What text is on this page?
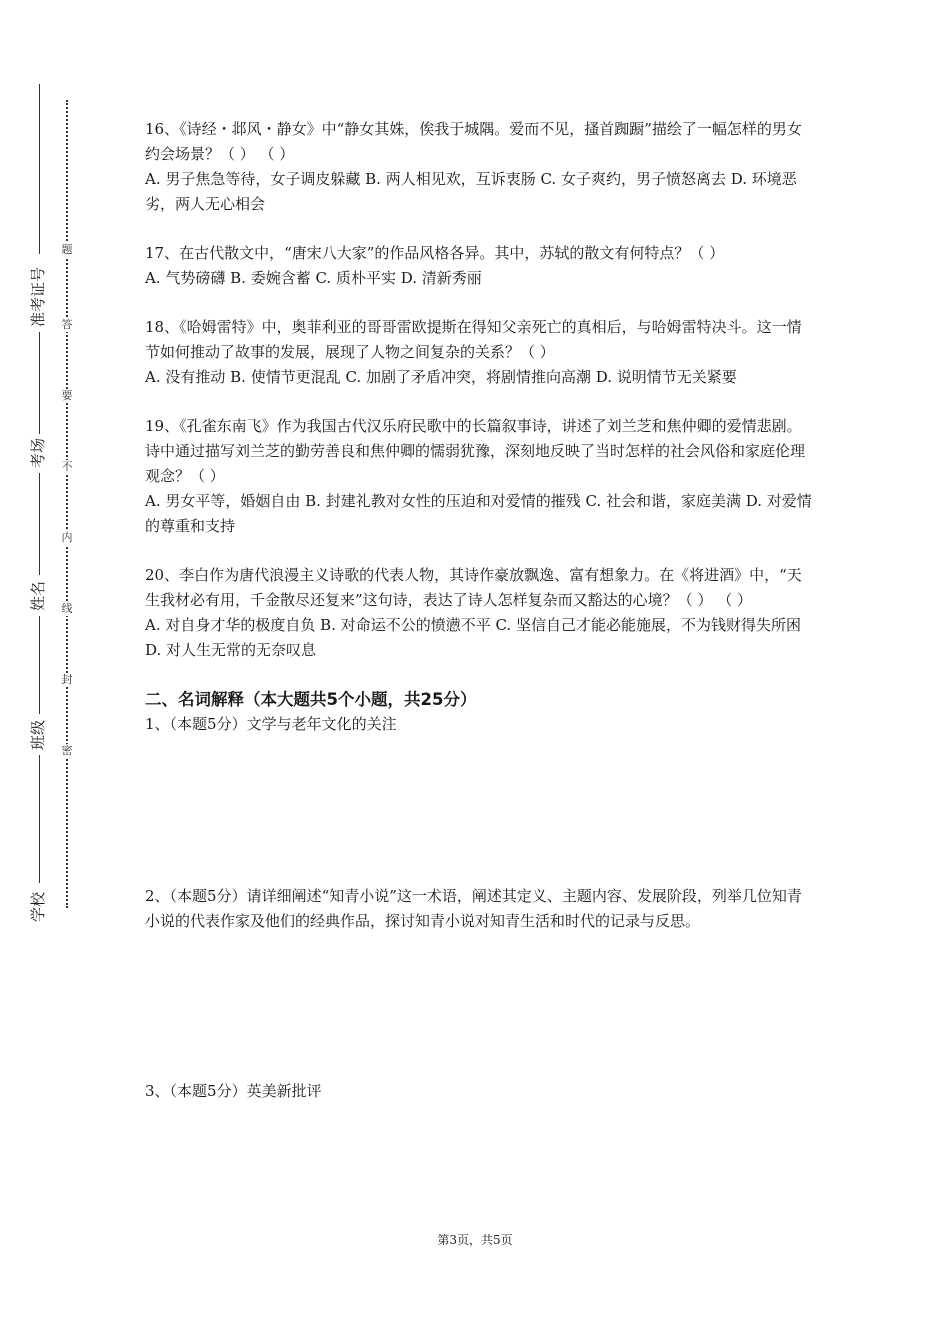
准考证号
考场
姓名
班级
学校
题
答
要
不
内
线
封
密

16、《诗经・邶风・静女》中“静女其姝，俟我于城隅。爱而不见，搔首踟蹰”描绘了一幅怎样的男女约会场景？（ ） （ ）

A. 男子焦急等待，女子调皮躲藏 B. 两人相见欢，互诉衷肠 C. 女子爽约，男子愤怒离去 D. 环境恶劣，两人无心相会

17、在古代散文中，“唐宋八大家”的作品风格各异。其中，苏轼的散文有何特点？（ ）

A. 气势磅礴 B. 委婉含蓄 C. 质朴平实 D. 清新秀丽

18、《哈姆雷特》中，奥菲利亚的哥哥雷欧提斯在得知父亲死亡的真相后，与哈姆雷特决斗。这一情节如何推动了故事的发展，展现了人物之间复杂的关系？（ ）

A. 没有推动 B. 使情节更混乱 C. 加剧了矛盾冲突，将剧情推向高潮 D. 说明情节无关紧要

19、《孔雀东南飞》作为我国古代汉乐府民歌中的长篇叙事诗，讲述了刘兰芝和焦仲卿的爱情悲剧。诗中通过描写刘兰芝的勤劳善良和焦仲卿的懦弱犹豫，深刻地反映了当时怎样的社会风俗和家庭伦理观念？（ ）

A. 男女平等，婚姻自由 B. 封建礼教对女性的压迫和对爱情的摧残 C. 社会和谐，家庭美满 D. 对爱情的尊重和支持

20、李白作为唐代浪漫主义诗歌的代表人物，其诗作豪放飘逸、富有想象力。在《将进酒》中，“天生我材必有用，千金散尽还复来”这句诗，表达了诗人怎样复杂而又豁达的心境？（ ） （ ）

A. 对自身才华的极度自负 B. 对命运不公的愤懑不平 C. 坚信自己才能必能施展，不为钱财得失所困 D. 对人生无常的无奈叹息

二、名词解释（本大题共5个小题，共25分）

1、（本题5分）文学与老年文化的关注

2、（本题5分）请详细阐述“知青小说”这一术语，阐述其定义、主题内容、发展阶段，列举几位知青小说的代表作家及他们的经典作品，探讨知青小说对知青生活和时代的记录与反思。

3、（本题5分）英美新批评

第3页，共5页
